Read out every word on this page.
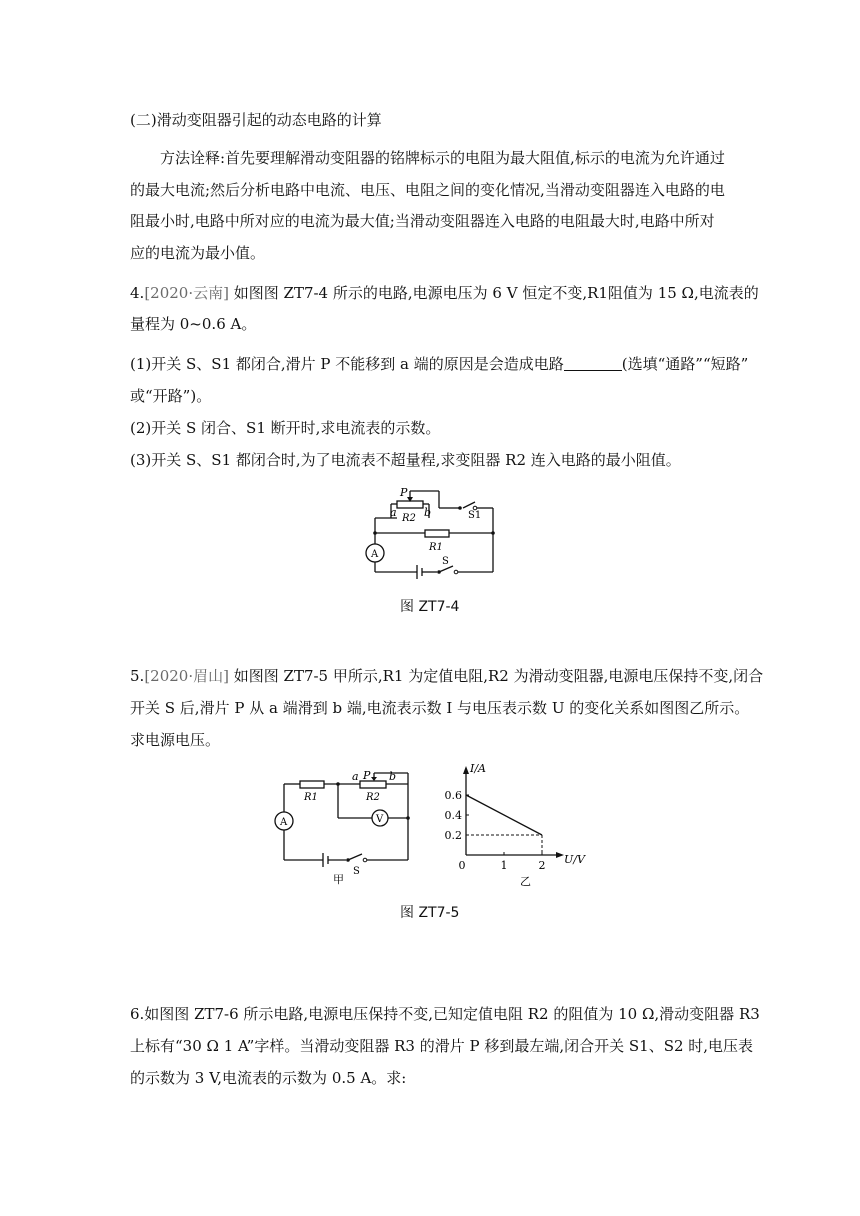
(二)滑动变阻器引起的动态电路的计算
方法诠释:首先要理解滑动变阻器的铭牌标示的电阻为最大阻值,标示的电流为允许通过
的最大电流;然后分析电路中电流、电压、电阻之间的变化情况,当滑动变阻器连入电路的电
阻最小时,电路中所对应的电流为最大值;当滑动变阻器连入电路的电阻最大时,电路中所对
应的电流为最小值。
4.[2020·云南] 如图图 ZT7-4 所示的电路,电源电压为 6 V 恒定不变,R1阻值为 15 Ω,电流表的
量程为 0~0.6 A。
(1)开关 S、S1 都闭合,滑片 P 不能移到 a 端的原因是会造成电路	(选填“通路”“短路”
或“开路”)。
(2)开关 S 闭合、S1 断开时,求电流表的示数。
(3)开关 S、S1 都闭合时,为了电流表不超量程,求变阻器 R2 连入电路的最小阻值。
P
a b
R2	S1
R1
A
S
图 ZT7-4
5.[2020·眉山] 如图图 ZT7-5 甲所示,R1 为定值电阻,R2 为滑动变阻器,电源电压保持不变,闭合
开关 S 后,滑片 P 从 a 端滑到 b 端,电流表示数 I 与电压表示数 U 的变化关系如图图乙所示。
求电源电压。
R1	R2
a P b
A	V
S
甲
0.2
0.4
0.6
0	1	2
I/A
U/V
乙
图 ZT7-5
6.如图图 ZT7-6 所示电路,电源电压保持不变,已知定值电阻 R2 的阻值为 10 Ω,滑动变阻器 R3
上标有“30 Ω 1 A”字样。当滑动变阻器 R3 的滑片 P 移到最左端,闭合开关 S1、S2 时,电压表
的示数为 3 V,电流表的示数为 0.5 A。求:
